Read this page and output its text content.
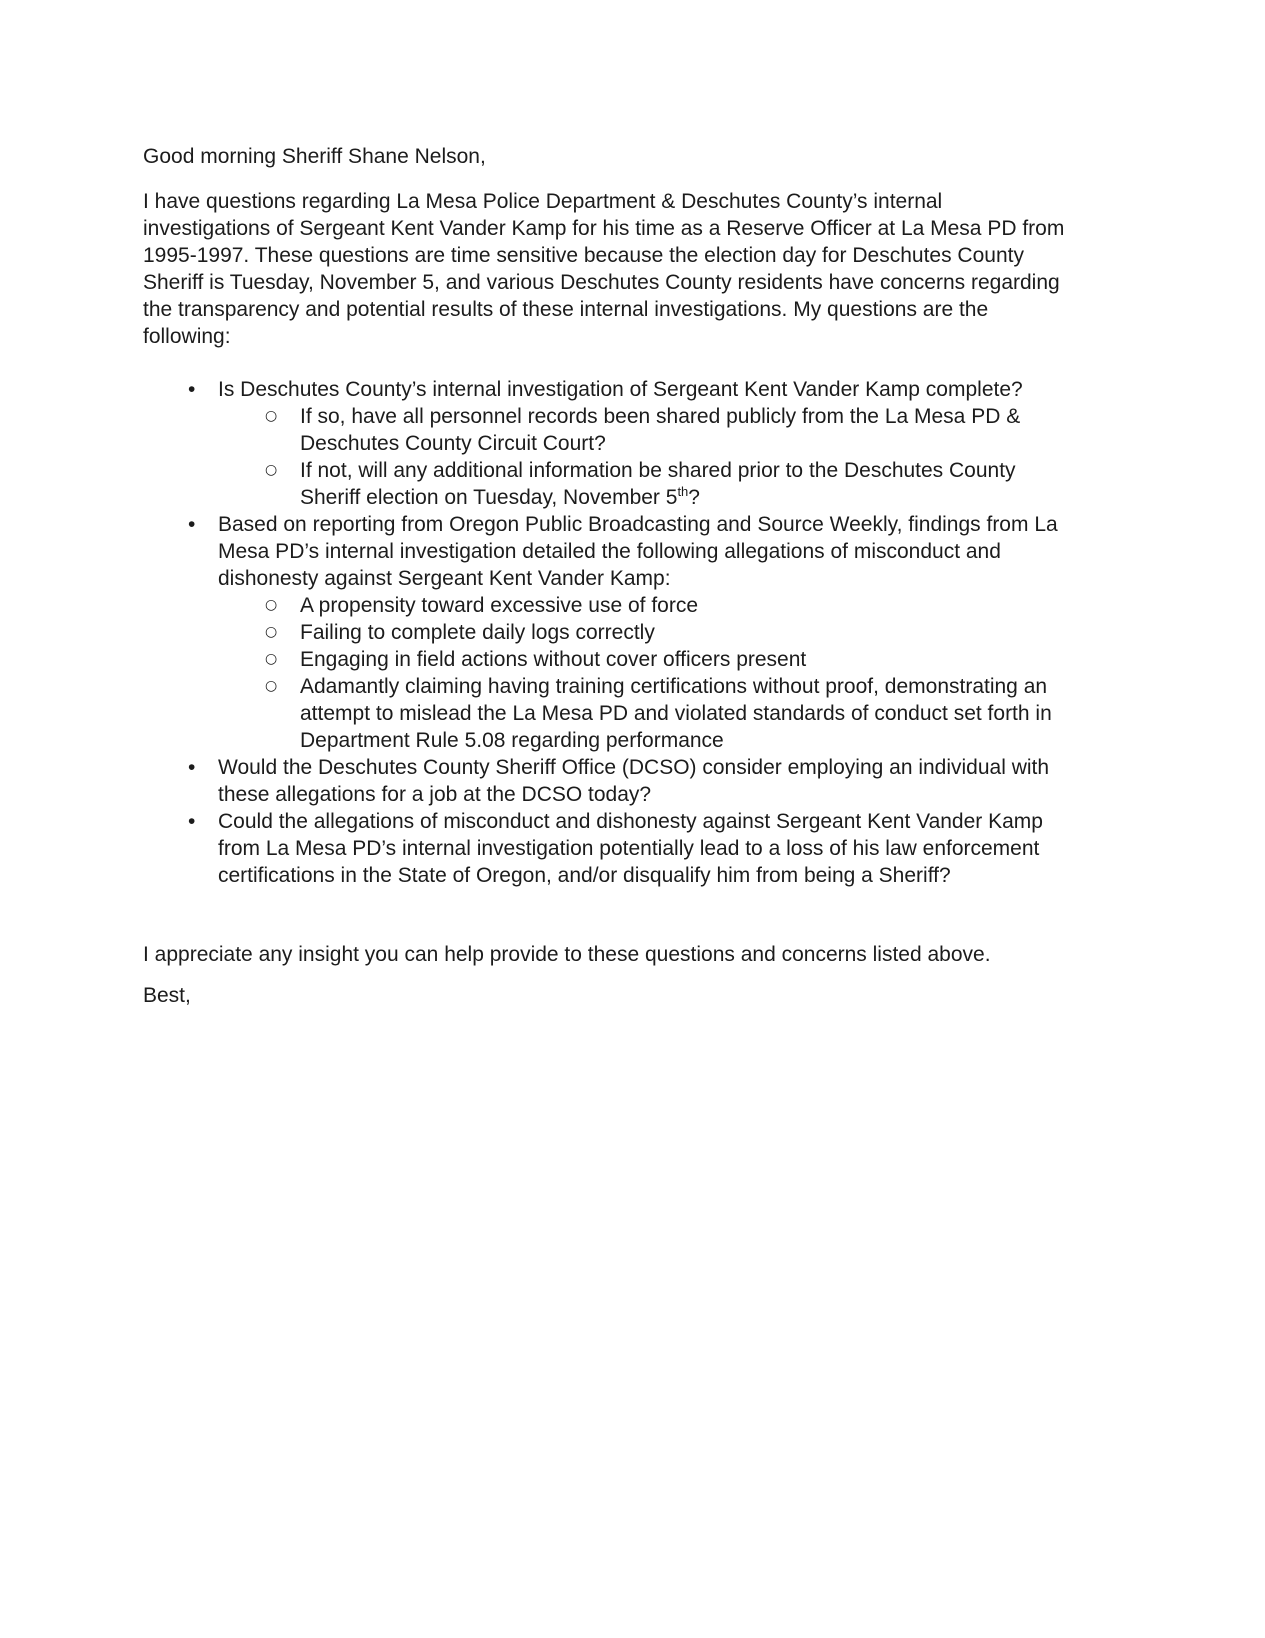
Good morning Sheriff Shane Nelson,

I have questions regarding La Mesa Police Department & Deschutes County’s internal investigations of Sergeant Kent Vander Kamp for his time as a Reserve Officer at La Mesa PD from 1995-1997. These questions are time sensitive because the election day for Deschutes County Sheriff is Tuesday, November 5, and various Deschutes County residents have concerns regarding the transparency and potential results of these internal investigations. My questions are the following:

• Is Deschutes County’s internal investigation of Sergeant Kent Vander Kamp complete?
○ If so, have all personnel records been shared publicly from the La Mesa PD & Deschutes County Circuit Court?
○ If not, will any additional information be shared prior to the Deschutes County Sheriff election on Tuesday, November 5th?
• Based on reporting from Oregon Public Broadcasting and Source Weekly, findings from La Mesa PD’s internal investigation detailed the following allegations of misconduct and dishonesty against Sergeant Kent Vander Kamp:
○ A propensity toward excessive use of force
○ Failing to complete daily logs correctly
○ Engaging in field actions without cover officers present
○ Adamantly claiming having training certifications without proof, demonstrating an attempt to mislead the La Mesa PD and violated standards of conduct set forth in Department Rule 5.08 regarding performance
• Would the Deschutes County Sheriff Office (DCSO) consider employing an individual with these allegations for a job at the DCSO today?
• Could the allegations of misconduct and dishonesty against Sergeant Kent Vander Kamp from La Mesa PD’s internal investigation potentially lead to a loss of his law enforcement certifications in the State of Oregon, and/or disqualify him from being a Sheriff?

I appreciate any insight you can help provide to these questions and concerns listed above.

Best,
